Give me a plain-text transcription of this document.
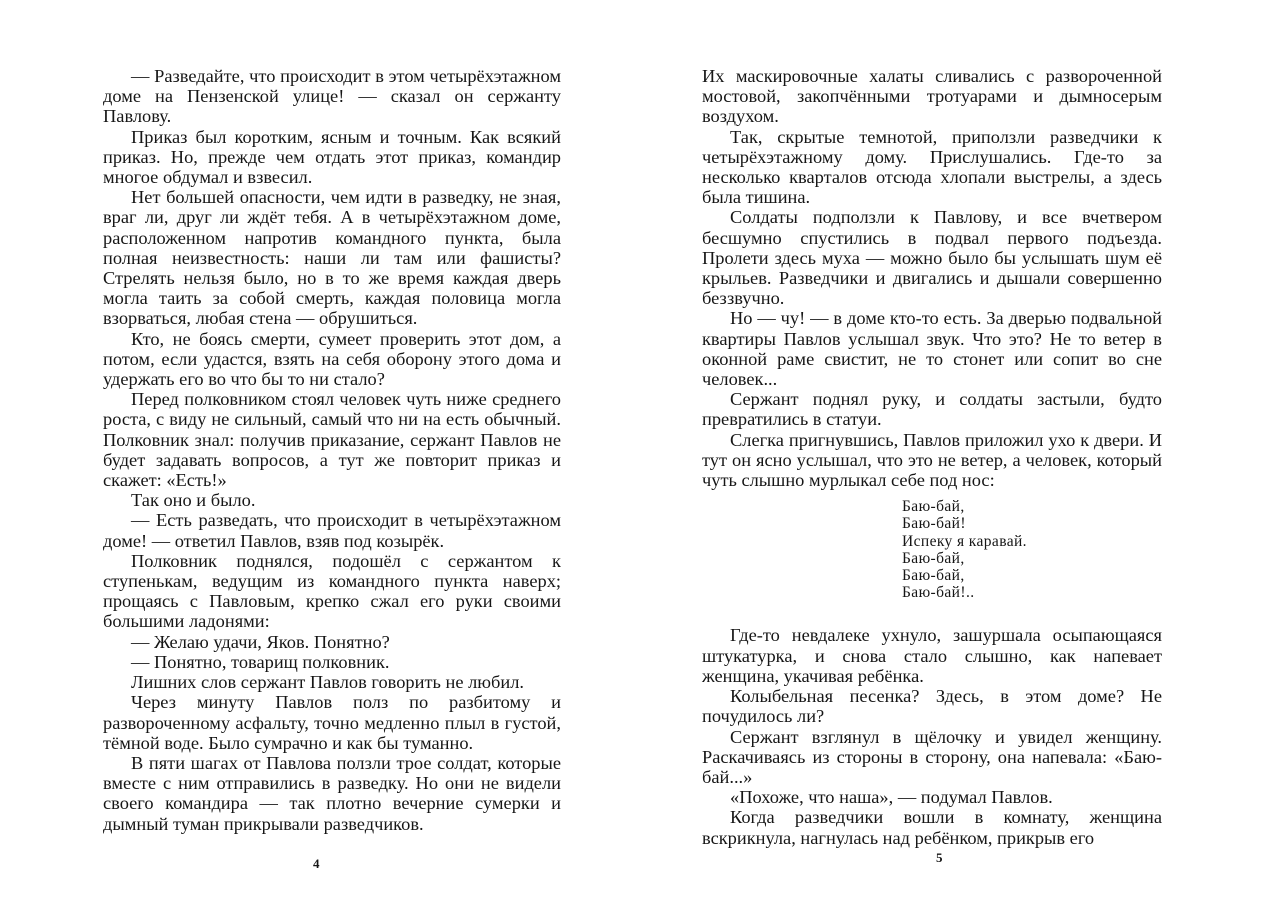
— Разведайте, что происходит в этом четырёхэтажном доме на Пензенской улице! — сказал он сержанту Павлову.

Приказ был коротким, ясным и точным. Как всякий приказ. Но, прежде чем отдать этот приказ, командир многое обдумал и взвесил.

Нет большей опасности, чем идти в разведку, не зная, враг ли, друг ли ждёт тебя. А в четырёхэтажном доме, расположенном напротив командного пункта, была полная неизвестность: наши ли там или фашисты? Стрелять нельзя было, но в то же время каждая дверь могла таить за собой смерть, каждая половица могла взорваться, любая стена — обрушиться.

Кто, не боясь смерти, сумеет проверить этот дом, а потом, если удастся, взять на себя оборону этого дома и удержать его во что бы то ни стало?

Перед полковником стоял человек чуть ниже среднего роста, с виду не сильный, самый что ни на есть обычный. Полковник знал: получив приказание, сержант Павлов не будет задавать вопросов, а тут же повторит приказ и скажет: «Есть!»

Так оно и было.

— Есть разведать, что происходит в четырёхэтажном доме! — ответил Павлов, взяв под козырёк.

Полковник поднялся, подошёл с сержантом к ступенькам, ведущим из командного пункта наверх; прощаясь с Павловым, крепко сжал его руки своими большими ладонями:

— Желаю удачи, Яков. Понятно?

— Понятно, товарищ полковник.

Лишних слов сержант Павлов говорить не любил.

Через минуту Павлов полз по разбитому и развороченному асфальту, точно медленно плыл в густой, тёмной воде. Было сумрачно и как бы туманно.

В пяти шагах от Павлова ползли трое солдат, которые вместе с ним отправились в разведку. Но они не видели своего командира — так плотно вечерние сумерки и дымный туман прикрывали разведчиков.

4

Их маскировочные халаты сливались с развороченной мостовой, закопчёнными тротуарами и дымносерым воздухом.

Так, скрытые темнотой, приползли разведчики к четырёхэтажному дому. Прислушались. Где-то за несколько кварталов отсюда хлопали выстрелы, а здесь была тишина.

Солдаты подползли к Павлову, и все вчетвером бесшумно спустились в подвал первого подъезда. Пролети здесь муха — можно было бы услышать шум её крыльев. Разведчики и двигались и дышали совершенно беззвучно.

Но — чу! — в доме кто-то есть. За дверью подвальной квартиры Павлов услышал звук. Что это? Не то ветер в оконной раме свистит, не то стонет или сопит во сне человек...

Сержант поднял руку, и солдаты застыли, будто превратились в статуи.

Слегка пригнувшись, Павлов приложил ухо к двери. И тут он ясно услышал, что это не ветер, а человек, который чуть слышно мурлыкал себе под нос:

Баю-бай,
Баю-бай!
Испеку я каравай.
Баю-бай,
Баю-бай,
Баю-бай!..

Где-то невдалеке ухнуло, зашуршала осыпающаяся штукатурка, и снова стало слышно, как напевает женщина, укачивая ребёнка.

Колыбельная песенка? Здесь, в этом доме? Не почудилось ли?

Сержант взглянул в щёлочку и увидел женщину. Раскачиваясь из стороны в сторону, она напевала: «Баю-бай...»

«Похоже, что наша», — подумал Павлов.

Когда разведчики вошли в комнату, женщина вскрикнула, нагнулась над ребёнком, прикрыв его

5
